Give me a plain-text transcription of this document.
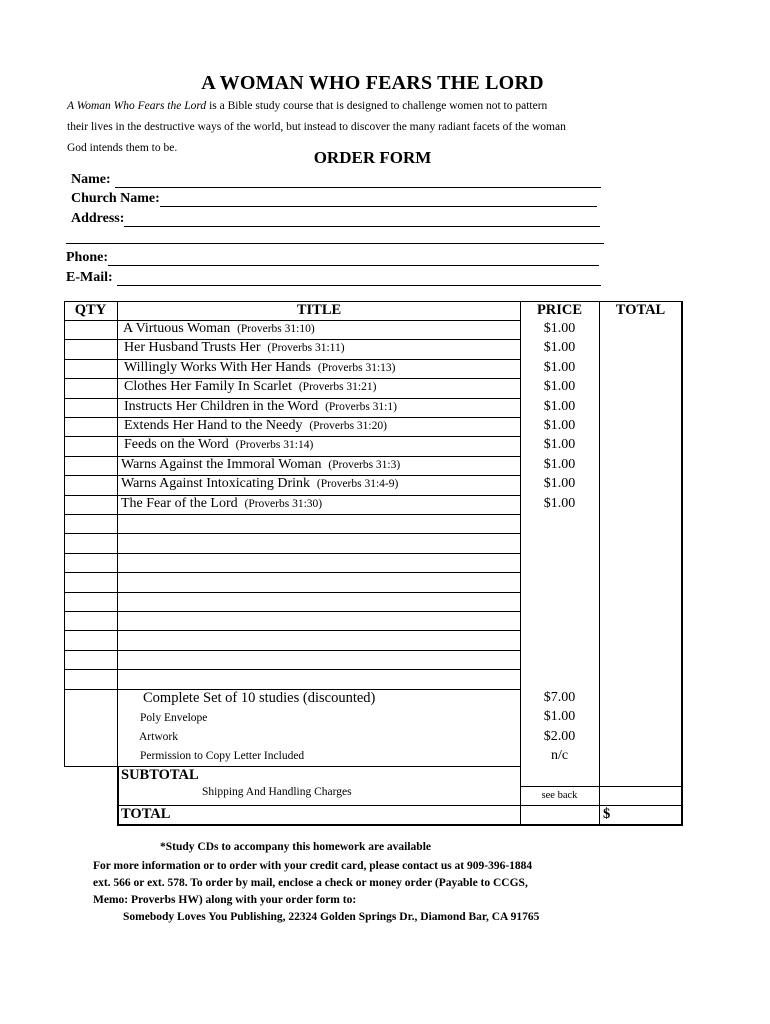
A WOMAN WHO FEARS THE LORD
A Woman Who Fears the Lord is a Bible study course that is designed to challenge women not to pattern
their lives in the destructive ways of the world, but instead to discover the many radiant facets of the woman
God intends them to be.	ORDER FORM
Name:
Church Name:
Address:
Phone:
E-Mail:
QTY	TITLE	PRICE	TOTAL
A Virtuous Woman (Proverbs 31:10)	$1.00
Her Husband Trusts Her (Proverbs 31:11)	$1.00
Willingly Works With Her Hands (Proverbs 31:13)	$1.00
Clothes Her Family In Scarlet (Proverbs 31:21)	$1.00
Instructs Her Children in the Word (Proverbs 31:1)	$1.00
Extends Her Hand to the Needy (Proverbs 31:20)	$1.00
Feeds on the Word (Proverbs 31:14)	$1.00
Warns Against the Immoral Woman (Proverbs 31:3)	$1.00
Warns Against Intoxicating Drink (Proverbs 31:4-9)	$1.00
The Fear of the Lord (Proverbs 31:30)	$1.00
Complete Set of 10 studies (discounted)	$7.00
Poly Envelope	$1.00
Artwork	$2.00
Permission to Copy Letter Included	n/c
SUBTOTAL
Shipping And Handling Charges	see back
TOTAL	$
*Study CDs to accompany this homework are available
For more information or to order with your credit card, please contact us at 909-396-1884
ext. 566 or ext. 578. To order by mail, enclose a check or money order (Payable to CCGS,
Memo: Proverbs HW) along with your order form to:
Somebody Loves You Publishing, 22324 Golden Springs Dr., Diamond Bar, CA 91765
